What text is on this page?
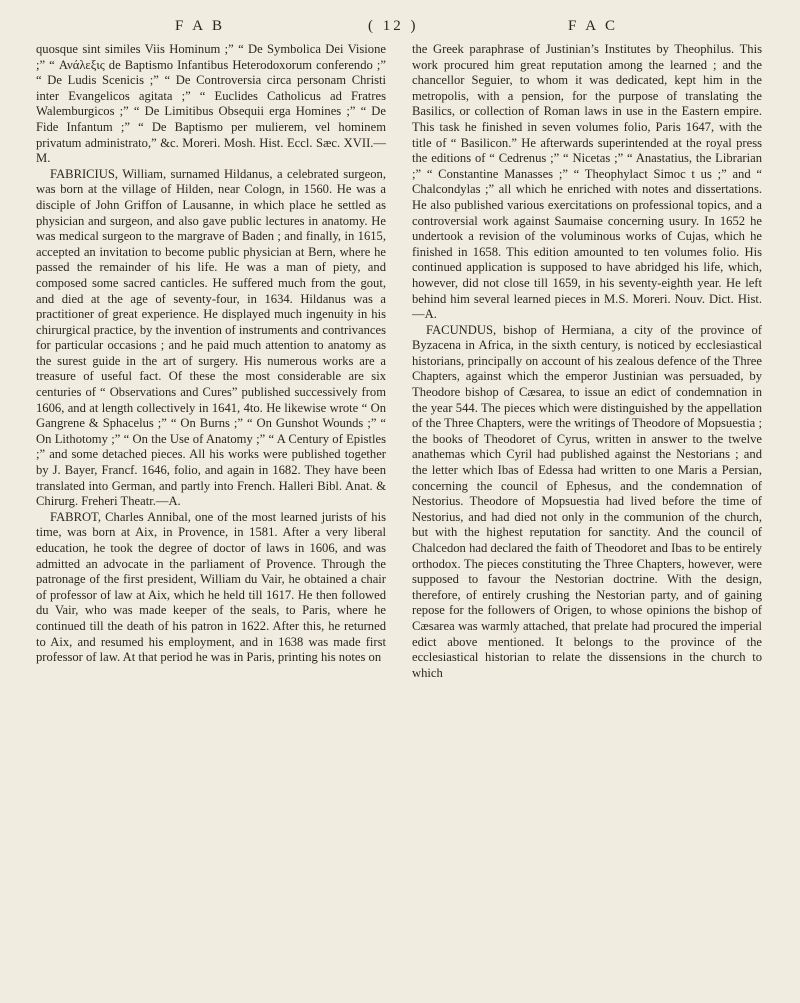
F A B	( 12 )	F A C

quosque sint similes Viis Hominum ;” “ De Symbolica Dei Visione ;” “ Ανάλεξις de Baptismo Infantibus Heterodoxorum conferendo ;” “ De Ludis Scenicis ;” “ De Controversia circa personam Christi inter Evangelicos agitata ;” “ Euclides Catholicus ad Fratres Walemburgicos ;” “ De Limitibus Obsequii erga Homines ;” “ De Fide Infantum ;” “ De Baptismo per mulierem, vel hominem privatum administrato,” &c. Moreri. Mosh. Hist. Eccl. Sæc. XVII.—M.

FABRICIUS, William, surnamed Hildanus, a celebrated surgeon, was born at the village of Hilden, near Cologn, in 1560. He was a disciple of John Griffon of Lausanne, in which place he settled as physician and surgeon, and also gave public lectures in anatomy. He was medical surgeon to the margrave of Baden ; and finally, in 1615, accepted an invitation to become public physician at Bern, where he passed the remainder of his life. He was a man of piety, and composed some sacred canticles. He suffered much from the gout, and died at the age of seventy-four, in 1634. Hildanus was a practitioner of great experience. He displayed much ingenuity in his chirurgical practice, by the invention of instruments and contrivances for particular occasions ; and he paid much attention to anatomy as the surest guide in the art of surgery. His numerous works are a treasure of useful fact. Of these the most considerable are six centuries of “ Observations and Cures” published successively from 1606, and at length collectively in 1641, 4to. He likewise wrote “ On Gangrene & Sphacelus ;” “ On Burns ;” “ On Gunshot Wounds ;” “ On Lithotomy ;” “ On the Use of Anatomy ;” “ A Century of Epistles ;” and some detached pieces. All his works were published together by J. Bayer, Francf. 1646, folio, and again in 1682. They have been translated into German, and partly into French. Halleri Bibl. Anat. & Chirurg. Freheri Theatr.—A.

FABROT, Charles Annibal, one of the most learned jurists of his time, was born at Aix, in Provence, in 1581. After a very liberal education, he took the degree of doctor of laws in 1606, and was admitted an advocate in the parliament of Provence. Through the patronage of the first president, William du Vair, he obtained a chair of professor of law at Aix, which he held till 1617. He then followed du Vair, who was made keeper of the seals, to Paris, where he continued till the death of his patron in 1622. After this, he returned to Aix, and resumed his employment, and in 1638 was made first professor of law. At that period he was in Paris, printing his notes on

the Greek paraphrase of Justinian’s Institutes by Theophilus. This work procured him great reputation among the learned ; and the chancellor Seguier, to whom it was dedicated, kept him in the metropolis, with a pension, for the purpose of translating the Basilics, or collection of Roman laws in use in the Eastern empire. This task he finished in seven volumes folio, Paris 1647, with the title of “ Basilicon.” He afterwards superintended at the royal press the editions of “ Cedrenus ;” “ Nicetas ;” “ Anastatius, the Librarian ;” “ Constantine Manasses ;” “ Theophylact Simoc t us ;” and “ Chalcondylas ;” all which he enriched with notes and dissertations. He also published various exercitations on professional topics, and a controversial work against Saumaise concerning usury. In 1652 he undertook a revision of the voluminous works of Cujas, which he finished in 1658. This edition amounted to ten volumes folio. His continued application is supposed to have abridged his life, which, however, did not close till 1659, in his seventy-eighth year. He left behind him several learned pieces in M.S. Moreri. Nouv. Dict. Hist. —A.

FACUNDUS, bishop of Hermiana, a city of the province of Byzacena in Africa, in the sixth century, is noticed by ecclesiastical historians, principally on account of his zealous defence of the Three Chapters, against which the emperor Justinian was persuaded, by Theodore bishop of Cæsarea, to issue an edict of condemnation in the year 544. The pieces which were distinguished by the appellation of the Three Chapters, were the writings of Theodore of Mopsuestia ; the books of Theodoret of Cyrus, written in answer to the twelve anathemas which Cyril had published against the Nestorians ; and the letter which Ibas of Edessa had written to one Maris a Persian, concerning the council of Ephesus, and the condemnation of Nestorius. Theodore of Mopsuestia had lived before the time of Nestorius, and had died not only in the communion of the church, but with the highest reputation for sanctity. And the council of Chalcedon had declared the faith of Theodoret and Ibas to be entirely orthodox. The pieces constituting the Three Chapters, however, were supposed to favour the Nestorian doctrine. With the design, therefore, of entirely crushing the Nestorian party, and of gaining repose for the followers of Origen, to whose opinions the bishop of Cæsarea was warmly attached, that prelate had procured the imperial edict above mentioned. It belongs to the province of the ecclesiastical historian to relate the dissensions in the church to which
